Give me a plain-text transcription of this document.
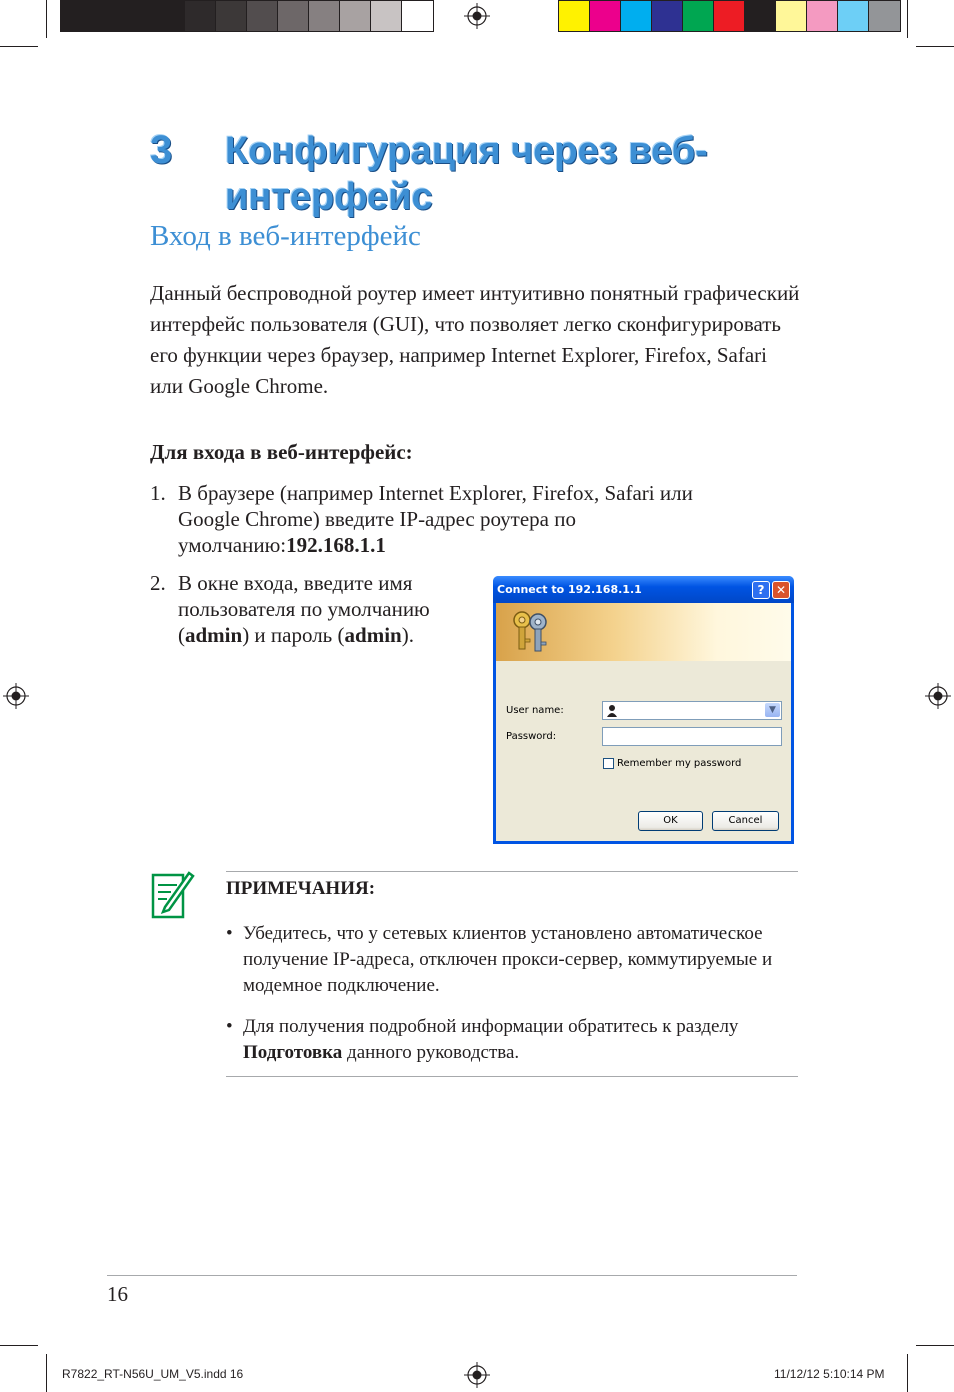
3 Конфигурация через веб-интерфейс
Вход в веб-интерфейс
Данный беспроводной роутер имеет интуитивно понятный графический интерфейс пользователя (GUI), что позволяет легко сконфигурировать его функции через браузер, например Internet Explorer, Firefox, Safari или Google Chrome.
Для входа в веб-интерфейс:
1. В браузере (например Internet Explorer, Firefox, Safari или Google Chrome) введите IP-адрес роутера по умолчанию:192.168.1.1
2. В окне входа, введите имя пользователя по умолчанию (admin) и пароль (admin).
Connect to 192.168.1.1	? ✕
User name:	▼
Password:
Remember my password
OK	Cancel
ПРИМЕЧАНИЯ:
• Убедитесь, что у сетевых клиентов установлено автоматическое получение IP-адреса, отключен прокси-сервер, коммутируемые и модемное подключение.
• Для получения подробной информации обратитесь к разделу Подготовка данного руководства.
16
R7822_RT-N56U_UM_V5.indd 16	11/12/12 5:10:14 PM
